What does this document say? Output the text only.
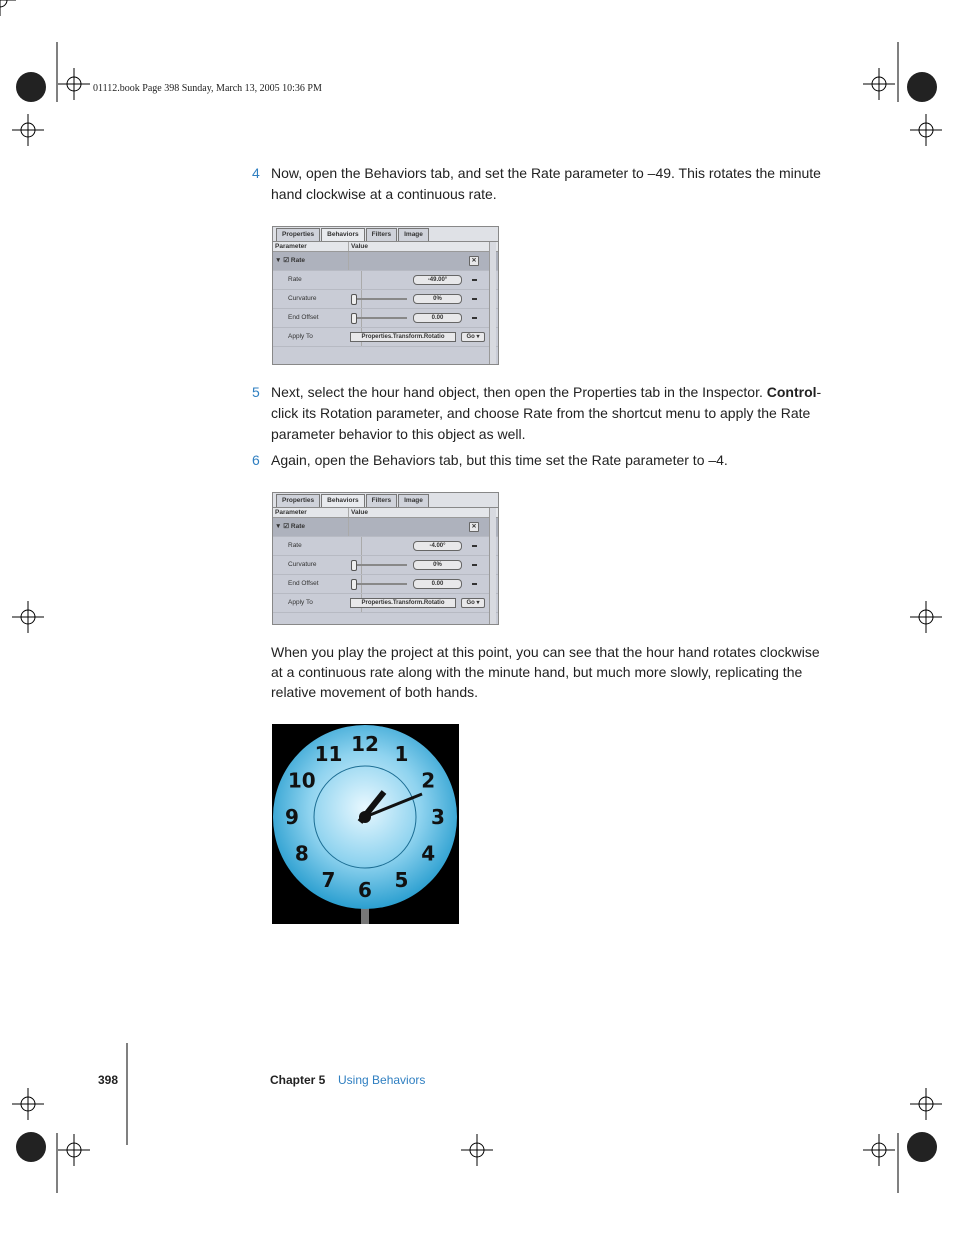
01112.book Page 398 Sunday, March 13, 2005 10:36 PM
4 Now, open the Behaviors tab, and set the Rate parameter to –49. This rotates the minute hand clockwise at a continuous rate.
Properties	Behaviors	Filters	Image
Parameter	Value
▼ ☑ Rate	✕
Rate	-49.00°
Curvature	0%
End Offset	0.00
Apply To	Properties.Transform.Rotatio	Go ▾
5 Next, select the hour hand object, then open the Properties tab in the Inspector. Control-click its Rotation parameter, and choose Rate from the shortcut menu to apply the Rate parameter behavior to this object as well.
6 Again, open the Behaviors tab, but this time set the Rate parameter to –4.
Properties	Behaviors	Filters	Image
Parameter	Value
▼ ☑ Rate	✕
Rate	-4.00°
Curvature	0%
End Offset	0.00
Apply To	Properties.Transform.Rotatio	Go ▾
When you play the project at this point, you can see that the hour hand rotates clockwise at a continuous rate along with the minute hand, but much more slowly, replicating the relative movement of both hands.
12 1
2
3
4
5
6
7
8
9
10
11
398	Chapter 5 Using Behaviors
